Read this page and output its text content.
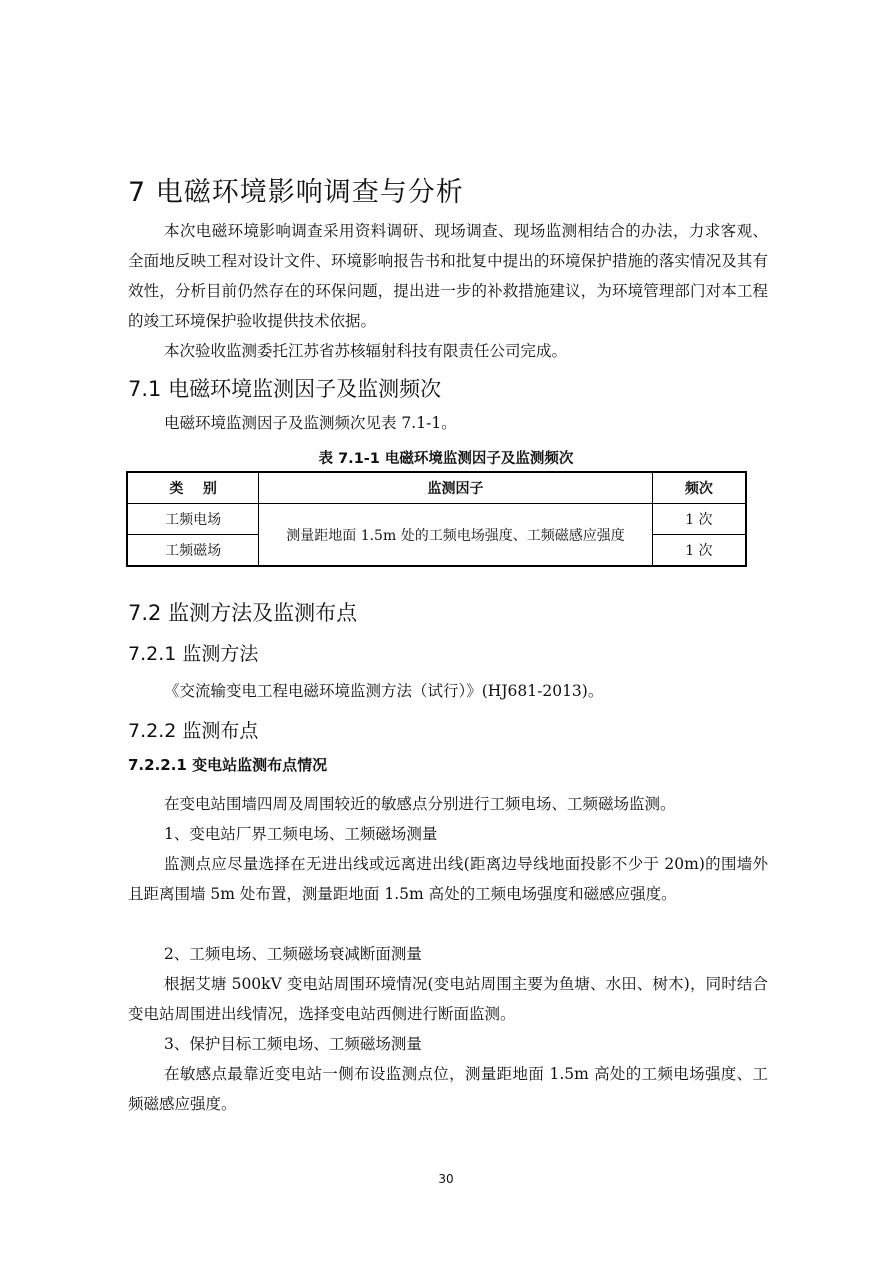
7 电磁环境影响调查与分析

本次电磁环境影响调查采用资料调研、现场调查、现场监测相结合的办法，力求客观、全面地反映工程对设计文件、环境影响报告书和批复中提出的环境保护措施的落实情况及其有效性，分析目前仍然存在的环保问题，提出进一步的补救措施建议，为环境管理部门对本工程的竣工环境保护验收提供技术依据。

本次验收监测委托江苏省苏核辐射科技有限责任公司完成。

7.1 电磁环境监测因子及监测频次

电磁环境监测因子及监测频次见表 7.1-1。

表 7.1-1 电磁环境监测因子及监测频次
类    别	监测因子	频次
工频电场	测量距地面 1.5m 处的工频电场强度、工频磁感应强度	1 次
工频磁场		1 次
7.2 监测方法及监测布点
7.2.1 监测方法

《交流输变电工程电磁环境监测方法（试行）》(HJ681-2013)。

7.2.2 监测布点
7.2.2.1 变电站监测布点情况

在变电站围墙四周及周围较近的敏感点分别进行工频电场、工频磁场监测。

1、变电站厂界工频电场、工频磁场测量

监测点应尽量选择在无进出线或远离进出线(距离边导线地面投影不少于 20m)的围墙外且距离围墙 5m 处布置，测量距地面 1.5m 高处的工频电场强度和磁感应强度。

2、工频电场、工频磁场衰减断面测量

根据艾塘 500kV 变电站周围环境情况(变电站周围主要为鱼塘、水田、树木)，同时结合变电站周围进出线情况，选择变电站西侧进行断面监测。

3、保护目标工频电场、工频磁场测量

在敏感点最靠近变电站一侧布设监测点位，测量距地面 1.5m 高处的工频电场强度、工频磁感应强度。

30
